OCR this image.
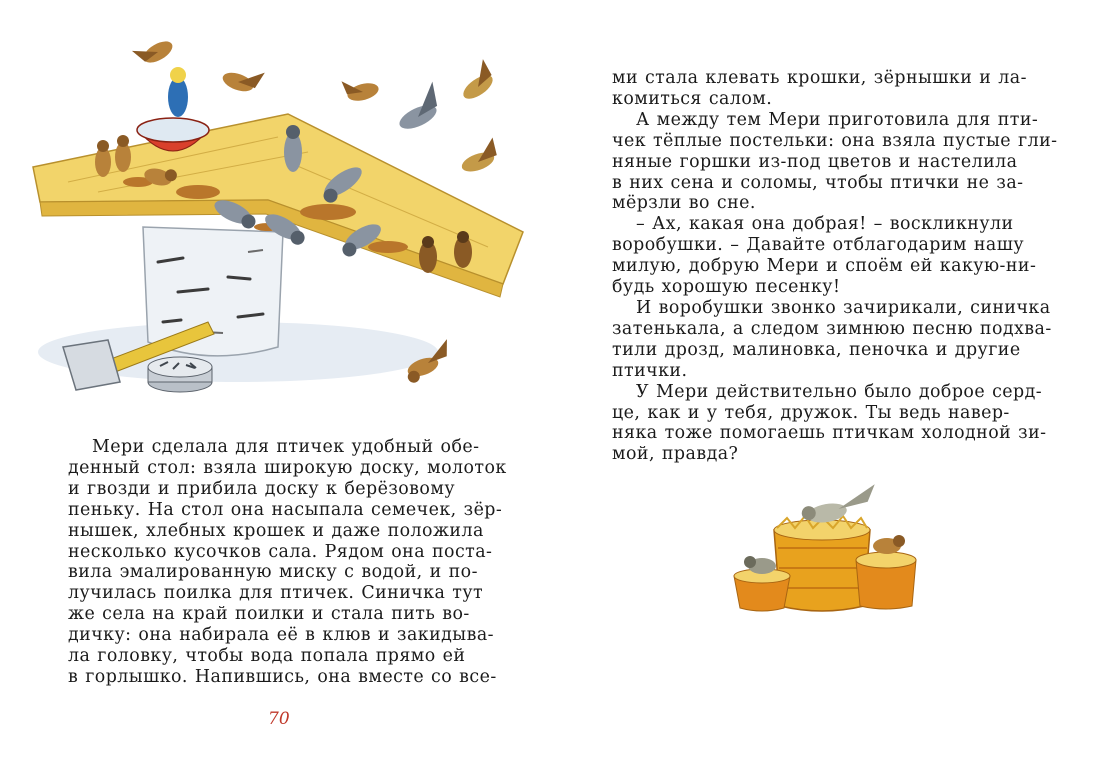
Мери сделала для птичек удобный обе-
денный стол: взяла широкую доску, молоток
и гвозди и прибила доску к берёзовому
пеньку. На стол она насыпала семечек, зёр-
нышек, хлебных крошек и даже положила
несколько кусочков сала. Рядом она поста-
вила эмалированную миску с водой, и по-
лучилась поилка для птичек. Синичка тут
же села на край поилки и стала пить во-
дичку: она набирала её в клюв и закидыва-
ла головку, чтобы вода попала прямо ей
в горлышко. Напившись, она вместе со все-
70
ми стала клевать крошки, зёрнышки и ла-
комиться салом.
А между тем Мери приготовила для пти-
чек тёплые постельки: она взяла пустые гли-
няные горшки из-под цветов и настелила
в них сена и соломы, чтобы птички не за-
мёрзли во сне.
– Ах, какая она добрая! – воскликнули
воробушки. – Давайте отблагодарим нашу
милую, добрую Мери и споём ей какую-ни-
будь хорошую песенку!
И воробушки звонко зачирикали, синичка
затенькала, а следом зимнюю песню подхва-
тили дрозд, малиновка, пеночка и другие
птички.
У Мери действительно было доброе серд-
це, как и у тебя, дружок. Ты ведь навер-
няка тоже помогаешь птичкам холодной зи-
мой, правда?
